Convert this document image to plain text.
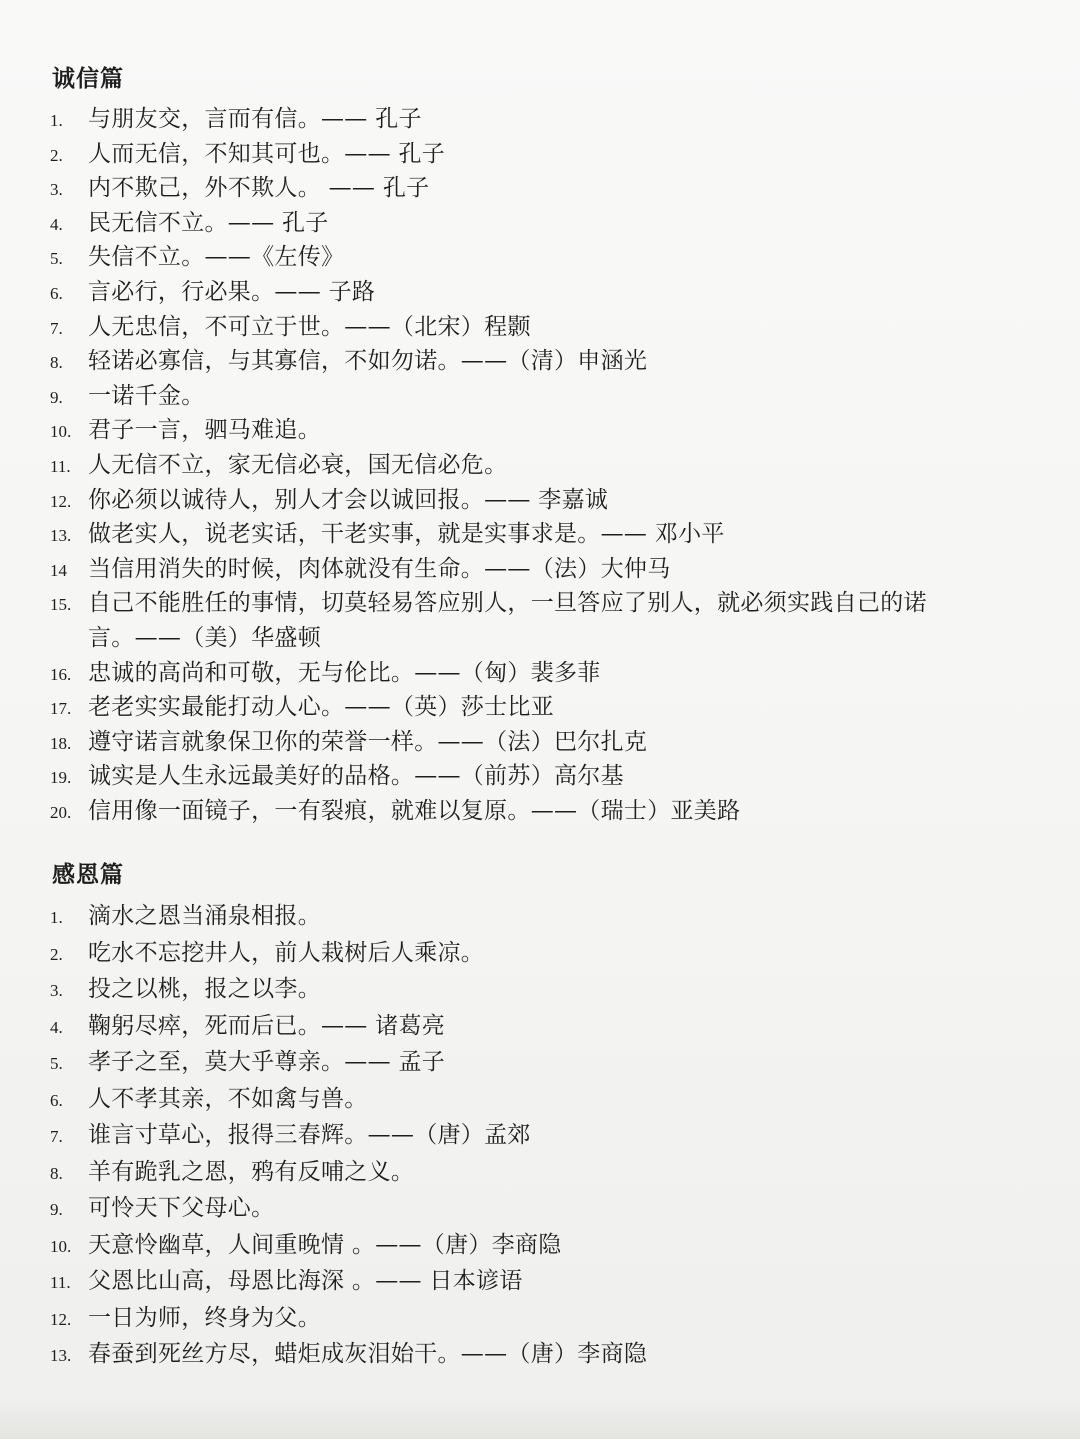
诚信篇
1.	与朋友交，言而有信。—— 孔子
2.	人而无信，不知其可也。—— 孔子
3.	内不欺己，外不欺人。 —— 孔子
4.	民无信不立。—— 孔子
5.	失信不立。——《左传》
6.	言必行，行必果。—— 子路
7.	人无忠信，不可立于世。——（北宋）程颢
8.	轻诺必寡信，与其寡信，不如勿诺。——（清）申涵光
9.	一诺千金。
10. 君子一言，驷马难追。
11. 人无信不立，家无信必衰，国无信必危。
12. 你必须以诚待人，别人才会以诚回报。—— 李嘉诚
13. 做老实人，说老实话，干老实事，就是实事求是。—— 邓小平
14 当信用消失的时候，肉体就没有生命。——（法）大仲马
15. 自己不能胜任的事情，切莫轻易答应别人，一旦答应了别人，就必须实践自己的诺言。——（美）华盛顿
16. 忠诚的高尚和可敬，无与伦比。——（匈）裴多菲
17. 老老实实最能打动人心。——（英）莎士比亚
18. 遵守诺言就象保卫你的荣誉一样。——（法）巴尔扎克
19. 诚实是人生永远最美好的品格。——（前苏）高尔基
20. 信用像一面镜子，一有裂痕，就难以复原。——（瑞士）亚美路
感恩篇
1.	滴水之恩当涌泉相报。
2.	吃水不忘挖井人，前人栽树后人乘凉。
3.	投之以桃，报之以李。
4.	鞠躬尽瘁，死而后已。—— 诸葛亮
5.	孝子之至，莫大乎尊亲。—— 孟子
6.	人不孝其亲，不如禽与兽。
7.	谁言寸草心，报得三春辉。——（唐）孟郊
8.	羊有跪乳之恩，鸦有反哺之义。
9.	可怜天下父母心。
10. 天意怜幽草，人间重晚情 。——（唐）李商隐
11. 父恩比山高，母恩比海深 。—— 日本谚语
12. 一日为师，终身为父。
13. 春蚕到死丝方尽，蜡炬成灰泪始干。——（唐）李商隐
